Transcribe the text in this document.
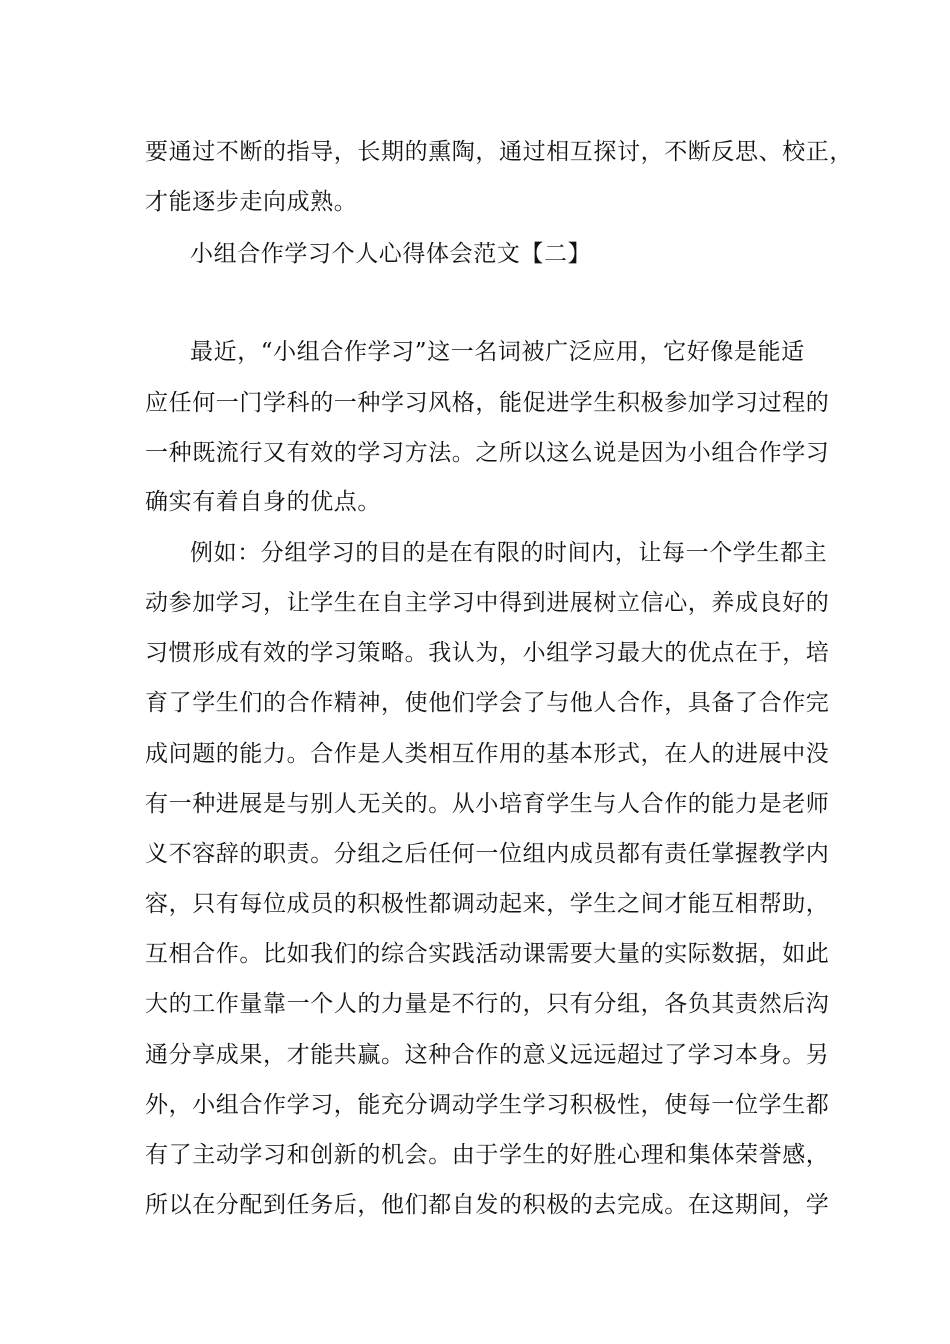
要通过不断的指导，长期的熏陶，通过相互探讨，不断反思、校正，
才能逐步走向成熟。
小组合作学习个人心得体会范文【二】
最近，“小组合作学习”这一名词被广泛应用，它好像是能适
应任何一门学科的一种学习风格，能促进学生积极参加学习过程的
一种既流行又有效的学习方法。之所以这么说是因为小组合作学习
确实有着自身的优点。
例如：分组学习的目的是在有限的时间内，让每一个学生都主
动参加学习，让学生在自主学习中得到进展树立信心，养成良好的
习惯形成有效的学习策略。我认为，小组学习最大的优点在于，培
育了学生们的合作精神，使他们学会了与他人合作，具备了合作完
成问题的能力。合作是人类相互作用的基本形式，在人的进展中没
有一种进展是与别人无关的。从小培育学生与人合作的能力是老师
义不容辞的职责。分组之后任何一位组内成员都有责任掌握教学内
容，只有每位成员的积极性都调动起来，学生之间才能互相帮助，
互相合作。比如我们的综合实践活动课需要大量的实际数据，如此
大的工作量靠一个人的力量是不行的，只有分组，各负其责然后沟
通分享成果，才能共赢。这种合作的意义远远超过了学习本身。另
外，小组合作学习，能充分调动学生学习积极性，使每一位学生都
有了主动学习和创新的机会。由于学生的好胜心理和集体荣誉感，
所以在分配到任务后，他们都自发的积极的去完成。在这期间，学
